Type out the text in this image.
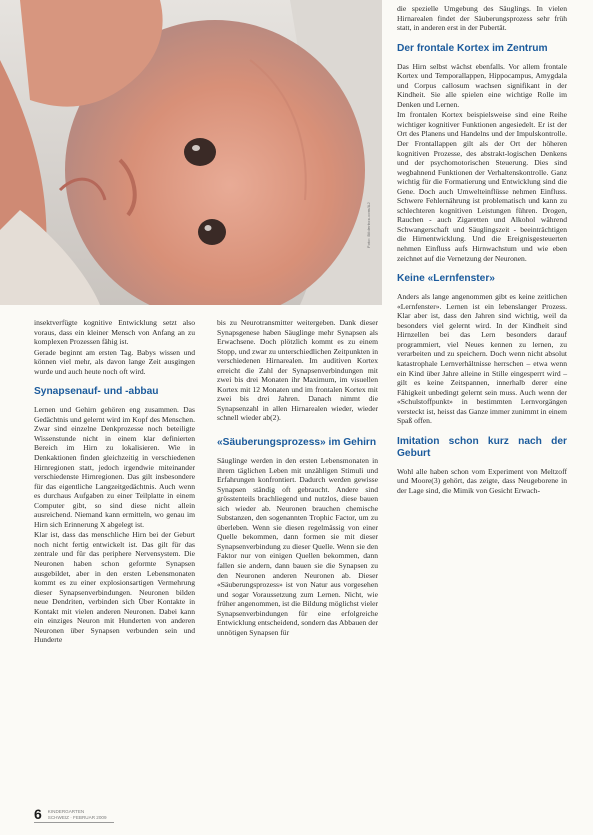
Foto: Bilderbox.com/AJ

insektverfügte kognitive Entwicklung setzt also voraus, dass ein kleiner Mensch von Anfang an zu komplexen Prozessen fähig ist.

Gerade beginnt am ersten Tag. Babys wissen und können viel mehr, als davon lange Zeit ausgingen wurde und auch heute noch oft wird.

Synapsenauf- und -abbau

Lernen und Gehirn gehören eng zusammen. Das Gedächtnis und gelernt wird im Kopf des Menschen. Zwar sind einzelne Denkprozesse noch beteiligte Wissenstunde nicht in einem klar definierten Bereich im Hirn zu lokalisieren. Wie in Denkaktionen finden gleichzeitig in verschiedenen Hirnregionen statt, jedoch irgendwie miteinander verschiedenste Hirnregionen. Das gilt insbesondere für das eigentliche Langzeitgedächtnis. Auch wenn es durchaus Aufgaben zu einer Teilplatte in einem Computer gibt, so sind diese nicht allein ausreichend. Niemand kann ermitteln, wo genau im Hirn sich Erinnerung X abgelegt ist.

Klar ist, dass das menschliche Hirn bei der Geburt noch nicht fertig entwickelt ist. Das gilt für das zentrale und für das periphere Nervensystem. Die Neuronen haben schon geformte Synapsen ausgebildet, aber in den ersten Lebensmonaten kommt es zu einer explosionsartigen Vermehrung dieser Synapsenverbindungen. Neuronen bilden neue Dendriten, verbinden sich Über Kontakte in Kontakt mit vielen anderen Neuronen. Dabei kann ein einziges Neuron mit Hunderten von anderen Neuronen über Synapsen verbunden sein und Hunderte

bis zu Neurotransmitter weitergeben. Dank dieser Synapsgenese haben Säuglinge mehr Synapsen als Erwachsene. Doch plötzlich kommt es zu einem Stopp, und zwar zu unterschiedlichen Zeitpunkten in verschiedenen Hirnarealen. Im auditiven Kortex erreicht die Zahl der Synapsenverbindungen mit zwei bis drei Monaten ihr Maximum, im visuellen Kortex mit 12 Monaten und im frontalen Kortex mit zwei bis drei Jahren. Danach nimmt die Synapsenzahl in allen Hirnarealen wieder, wieder schnell wieder ab(2).

«Säuberungsprozess» im Gehirn

Säuglinge werden in den ersten Lebensmonaten in ihrem täglichen Leben mit unzähligen Stimuli und Erfahrungen konfrontiert. Dadurch werden gewisse Synapsen ständig oft gebraucht. Andere sind grösstenteils brachliegend und nutzlos, diese bauen sich wieder ab. Neuronen brauchen chemische Substanzen, den sogenannten Trophic Factor, um zu überleben. Wenn sie diesen regelmässig von einer Quelle bekommen, dann formen sie mit dieser Synapsenverbindung zu dieser Quelle. Wenn sie den Faktor nur von einigen Quellen bekommen, dann fallen sie andern, dann bauen sie die Synapsen zu den Neuronen anderen Neuronen ab. Dieser «Säuberungsprozess» ist von Natur aus vorgesehen und sogar Voraussetzung zum Lernen. Nicht, wie früher angenommen, ist die Bildung möglichst vieler Synapsenverbindungen für eine erfolgreiche Entwicklung entscheidend, sondern das Abbauen der unnötigen Synapsen für

die spezielle Umgebung des Säuglings. In vielen Hirnarealen findet der Säuberungsprozess sehr früh statt, in anderen erst in der Pubertät.

Der frontale Kortex im Zentrum

Das Hirn selbst wächst ebenfalls. Vor allem frontale Kortex und Temporallappen, Hippocampus, Amygdala und Corpus callosum wachsen signifikant in der Kindheit. Sie alle spielen eine wichtige Rolle im Denken und Lernen.

Im frontalen Kortex beispielsweise sind eine Reihe wichtiger kognitiver Funktionen angesiedelt. Er ist der Ort des Planens und Handelns und der Impulskontrolle. Der Frontallappen gilt als der Ort der höheren kognitiven Prozesse, des abstrakt-logischen Denkens und der psychomotorischen Steuerung. Dies sind wegbahnend Funktionen der Verhaltenskontrolle. Ganz wichtig für die Formatierung und Entwicklung sind die Gene. Doch auch Umwelteinflüsse nehmen Einfluss. Schwere Fehlernährung ist problematisch und kann zu schlechteren kognitiven Leistungen führen. Drogen, Rauchen - auch Zigaretten und Alkohol während Schwangerschaft und Säuglingszeit - beeinträchtigen die Hirnentwicklung. Und die Ereignisgesteuerten nehmen Einfluss aufs Hirnwachstum und wie eben zeichnet auf die Vernetzung der Neuronen.

Keine «Lernfenster»

Anders als lange angenommen gibt es keine zeitlichen «Lernfenster». Lernen ist ein lebenslanger Prozess. Klar aber ist, dass den Jahren sind wichtig, weil da besonders viel gelernt wird. In der Kindheit sind Hirnzellen bei das Lern besonders darauf programmiert, viel Neues kennen zu lernen, zu verarbeiten und zu speichern. Doch wenn nicht absolut katastrophale Lernverhältnisse herrschen – etwa wenn ein Kind über Jahre alleine in Stille eingesperrt wird – gilt es keine Zeitspannen, innerhalb derer eine Fähigkeit unbedingt gelernt sein muss. Auch wenn der «Schulstoffpunkt» in bestimmten Lernvorgängen versteckt ist, heisst das Ganze immer zunimmt in einem Spaß offen.

Imitation schon kurz nach der Geburt

Wohl alle haben schon vom Experiment von Meltzoff und Moore(3) gehört, das zeigte, dass Neugeborene in der Lage sind, die Mimik von Gesicht Erwach-

6 KINDERGARTEN
SCHWEIZ · FEBRUAR 2009
